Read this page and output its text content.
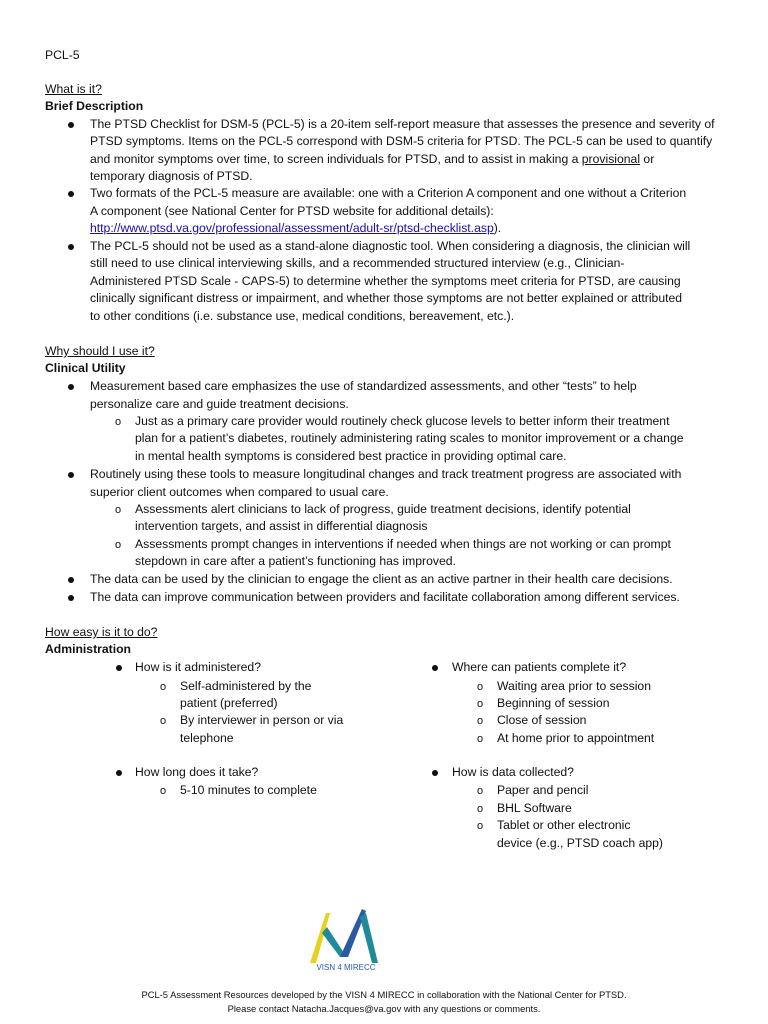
PCL-5
What is it?
Brief Description
The PTSD Checklist for DSM-5 (PCL-5) is a 20-item self-report measure that assesses the presence and severity of
PTSD symptoms. Items on the PCL-5 correspond with DSM-5 criteria for PTSD. The PCL-5 can be used to quantify
and monitor symptoms over time, to screen individuals for PTSD, and to assist in making a provisional or
temporary diagnosis of PTSD.
Two formats of the PCL-5 measure are available: one with a Criterion A component and one without a Criterion
A component (see National Center for PTSD website for additional details):
http://www.ptsd.va.gov/professional/assessment/adult-sr/ptsd-checklist.asp).
The PCL-5 should not be used as a stand-alone diagnostic tool. When considering a diagnosis, the clinician will
still need to use clinical interviewing skills, and a recommended structured interview (e.g., Clinician-
Administered PTSD Scale - CAPS-5) to determine whether the symptoms meet criteria for PTSD, are causing
clinically significant distress or impairment, and whether those symptoms are not better explained or attributed
to other conditions (i.e. substance use, medical conditions, bereavement, etc.).
Why should I use it?
Clinical Utility
Measurement based care emphasizes the use of standardized assessments, and other “tests” to help
personalize care and guide treatment decisions.
o Just as a primary care provider would routinely check glucose levels to better inform their treatment
plan for a patient’s diabetes, routinely administering rating scales to monitor improvement or a change
in mental health symptoms is considered best practice in providing optimal care.
Routinely using these tools to measure longitudinal changes and track treatment progress are associated with
superior client outcomes when compared to usual care.
o Assessments alert clinicians to lack of progress, guide treatment decisions, identify potential
intervention targets, and assist in differential diagnosis
o Assessments prompt changes in interventions if needed when things are not working or can prompt
stepdown in care after a patient’s functioning has improved.
The data can be used by the clinician to engage the client as an active partner in their health care decisions.
The data can improve communication between providers and facilitate collaboration among different services.
How easy is it to do?
Administration
How is it administered?
o Self-administered by the
patient (preferred)
o By interviewer in person or via
telephone
How long does it take?
o 5-10 minutes to complete
Where can patients complete it?
o Waiting area prior to session
o Beginning of session
o Close of session
o At home prior to appointment
How is data collected?
o Paper and pencil
o BHL Software
o Tablet or other electronic
device (e.g., PTSD coach app)
VISN 4 MIRECC
PCL-5 Assessment Resources developed by the VISN 4 MIRECC in collaboration with the National Center for PTSD.
Please contact Natacha.Jacques@va.gov with any questions or comments.
